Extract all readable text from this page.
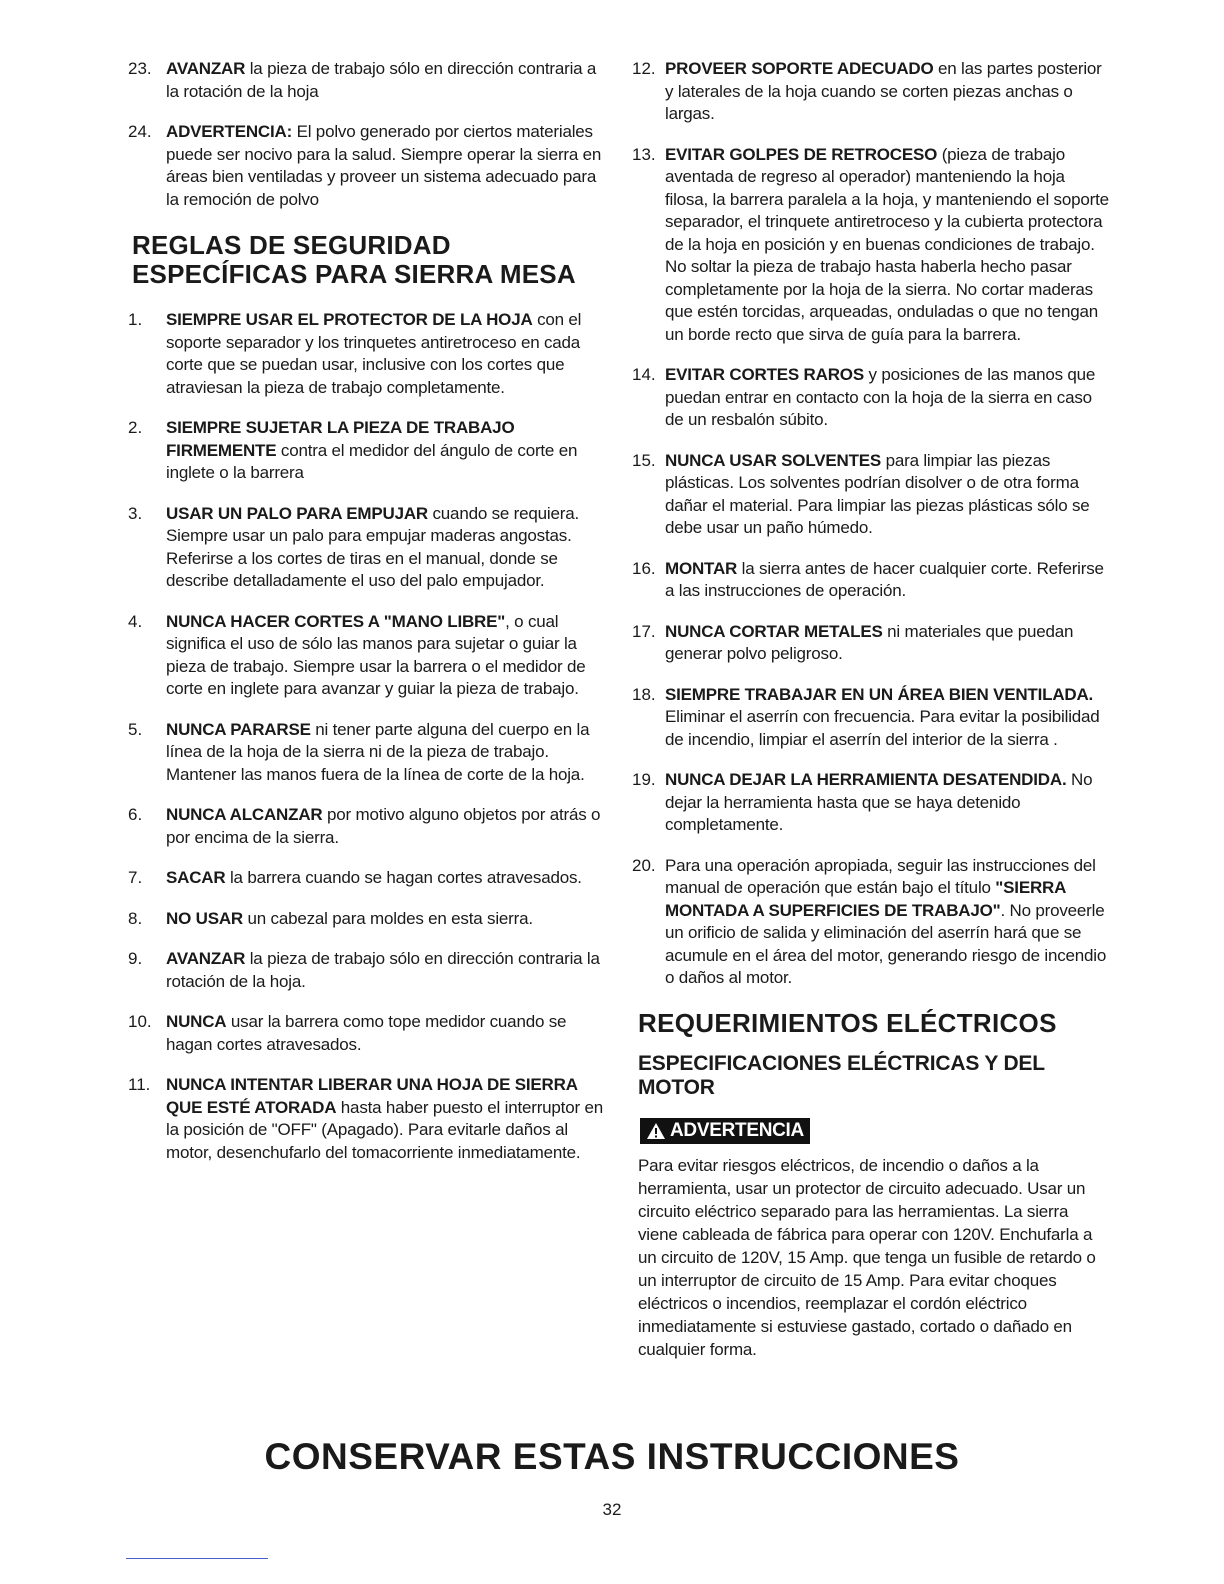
23. AVANZAR la pieza de trabajo sólo en dirección contraria a la rotación de la hoja
24. ADVERTENCIA: El polvo generado por ciertos materiales puede ser nocivo para la salud. Siempre operar la sierra en áreas bien ventiladas y proveer un sistema adecuado para la remoción de polvo
REGLAS DE SEGURIDAD ESPECÍFICAS PARA SIERRA MESA
1.	SIEMPRE USAR EL PROTECTOR DE LA HOJA con el soporte separador y los trinquetes antiretroceso en cada corte que se puedan usar, inclusive con los cortes que atraviesan la pieza de trabajo completamente.
2.	SIEMPRE SUJETAR LA PIEZA DE TRABAJO FIRMEMENTE contra el medidor del ángulo de corte en inglete o la barrera
3.	USAR UN PALO PARA EMPUJAR cuando se requiera. Siempre usar un palo para empujar maderas angostas. Referirse a los cortes de tiras en el manual, donde se describe detalladamente el uso del palo empujador.
4.	NUNCA HACER CORTES A "MANO LIBRE", o cual significa el uso de sólo las manos para sujetar o guiar la pieza de trabajo. Siempre usar la barrera o el medidor de corte en inglete para avanzar y guiar la pieza de trabajo.
5.	NUNCA PARARSE ni tener parte alguna del cuerpo en la línea de la hoja de la sierra ni de la pieza de trabajo. Mantener las manos fuera de la línea de corte de la hoja.
6.	NUNCA ALCANZAR por motivo alguno objetos por atrás o por encima de la sierra.
7.	SACAR la barrera cuando se hagan cortes atravesados.
8.	NO USAR un cabezal para moldes en esta sierra.
9.	AVANZAR la pieza de trabajo sólo en dirección contraria la rotación de la hoja.
10. NUNCA usar la barrera como tope medidor cuando se hagan cortes atravesados.
11. NUNCA INTENTAR LIBERAR UNA HOJA DE SIERRA QUE ESTÉ ATORADA hasta haber puesto el interruptor en la posición de "OFF" (Apagado). Para evitarle daños al motor, desenchufarlo del tomacorriente inmediatamente.
12. PROVEER SOPORTE ADECUADO en las partes posterior y laterales de la hoja cuando se corten piezas anchas o largas.
13. EVITAR GOLPES DE RETROCESO (pieza de trabajo aventada de regreso al operador) manteniendo la hoja filosa, la barrera paralela a la hoja, y manteniendo el soporte separador, el trinquete antiretroceso y la cubierta protectora de la hoja en posición y en buenas condiciones de trabajo. No soltar la pieza de trabajo hasta haberla hecho pasar completamente por la hoja de la sierra. No cortar maderas que estén torcidas, arqueadas, onduladas o que no tengan un borde recto que sirva de guía para la barrera.
14. EVITAR CORTES RAROS y posiciones de las manos que puedan entrar en contacto con la hoja de la sierra en caso de un resbalón súbito.
15. NUNCA USAR SOLVENTES para limpiar las piezas plásticas. Los solventes podrían disolver o de otra forma dañar el material. Para limpiar las piezas plásticas sólo se debe usar un paño húmedo.
16. MONTAR la sierra antes de hacer cualquier corte. Referirse a las instrucciones de operación.
17. NUNCA CORTAR METALES ni materiales que puedan generar polvo peligroso.
18. SIEMPRE TRABAJAR EN UN ÁREA BIEN VENTILADA. Eliminar el aserrín con frecuencia. Para evitar la posibilidad de incendio, limpiar el aserrín del interior de la sierra .
19. NUNCA DEJAR LA HERRAMIENTA DESATENDIDA. No dejar la herramienta hasta que se haya detenido completamente.
20. Para una operación apropiada, seguir las instrucciones del manual de operación que están bajo el título "SIERRA MONTADA A SUPERFICIES DE TRABAJO". No proveerle un orificio de salida y eliminación del aserrín hará que se acumule en el área del motor, generando riesgo de incendio o daños al motor.
REQUERIMIENTOS ELÉCTRICOS
ESPECIFICACIONES ELÉCTRICAS Y DEL MOTOR
ADVERTENCIA
Para evitar riesgos eléctricos, de incendio o daños a la herramienta, usar un protector de circuito adecuado. Usar un circuito eléctrico separado para las herramientas. La sierra viene cableada de fábrica para operar con 120V. Enchufarla a un circuito de 120V, 15 Amp. que tenga un fusible de retardo o un interruptor de circuito de 15 Amp. Para evitar choques eléctricos o incendios, reemplazar el cordón eléctrico inmediatamente si estuviese gastado, cortado o dañado en cualquier forma.
CONSERVAR ESTAS INSTRUCCIONES
32
